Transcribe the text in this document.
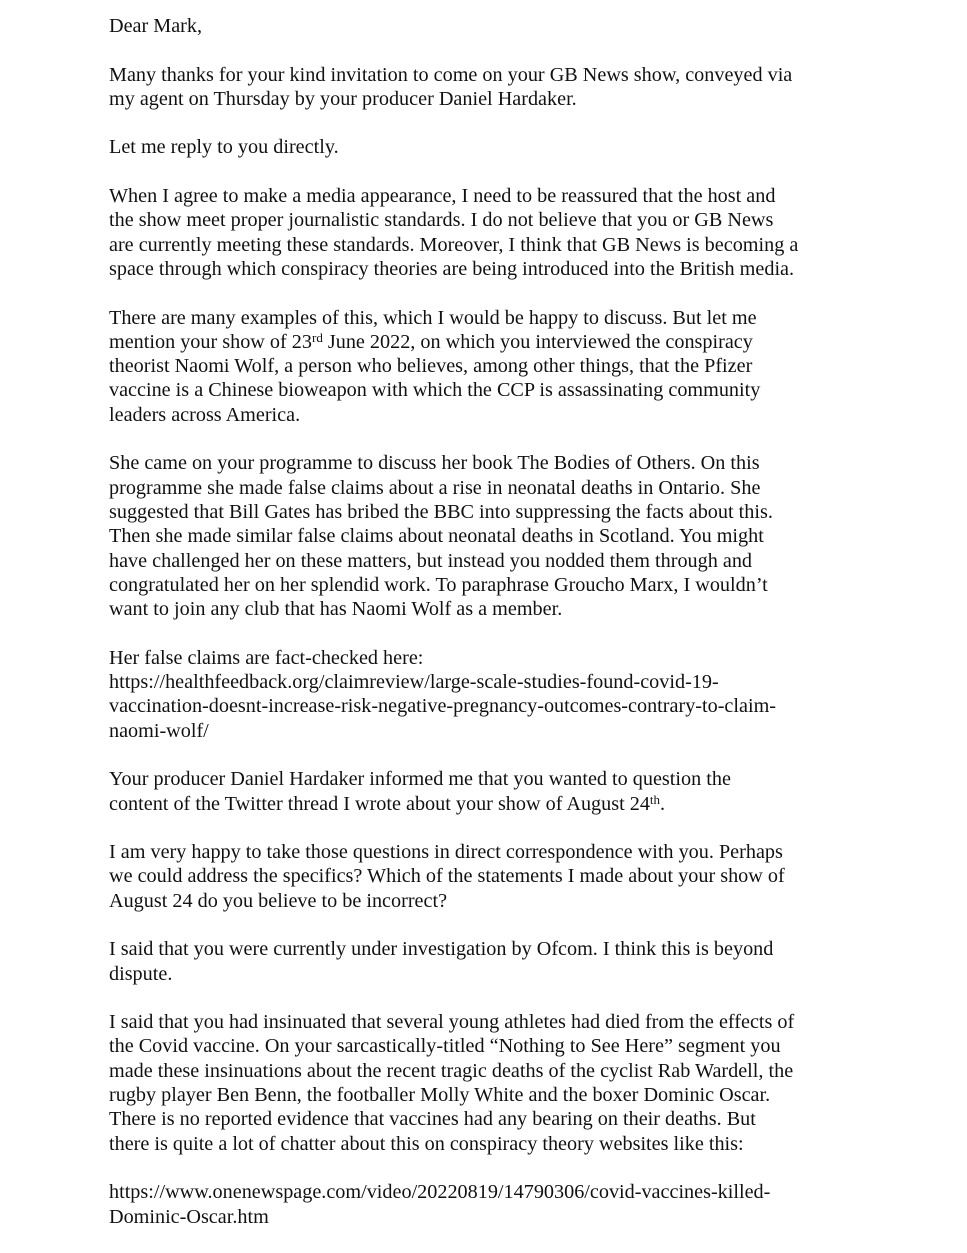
Dear Mark,

Many thanks for your kind invitation to come on your GB News show, conveyed via
my agent on Thursday by your producer Daniel Hardaker.

Let me reply to you directly.

When I agree to make a media appearance, I need to be reassured that the host and
the show meet proper journalistic standards. I do not believe that you or GB News
are currently meeting these standards. Moreover, I think that GB News is becoming a
space through which conspiracy theories are being introduced into the British media.

There are many examples of this, which I would be happy to discuss. But let me
mention your show of 23rd June 2022, on which you interviewed the conspiracy
theorist Naomi Wolf, a person who believes, among other things, that the Pfizer
vaccine is a Chinese bioweapon with which the CCP is assassinating community
leaders across America.

She came on your programme to discuss her book The Bodies of Others. On this
programme she made false claims about a rise in neonatal deaths in Ontario. She
suggested that Bill Gates has bribed the BBC into suppressing the facts about this.
Then she made similar false claims about neonatal deaths in Scotland. You might
have challenged her on these matters, but instead you nodded them through and
congratulated her on her splendid work. To paraphrase Groucho Marx, I wouldn’t
want to join any club that has Naomi Wolf as a member.

Her false claims are fact-checked here:
https://healthfeedback.org/claimreview/large-scale-studies-found-covid-19-
vaccination-doesnt-increase-risk-negative-pregnancy-outcomes-contrary-to-claim-
naomi-wolf/

Your producer Daniel Hardaker informed me that you wanted to question the
content of the Twitter thread I wrote about your show of August 24th.

I am very happy to take those questions in direct correspondence with you. Perhaps
we could address the specifics? Which of the statements I made about your show of
August 24 do you believe to be incorrect?

I said that you were currently under investigation by Ofcom. I think this is beyond
dispute.

I said that you had insinuated that several young athletes had died from the effects of
the Covid vaccine. On your sarcastically-titled “Nothing to See Here” segment you
made these insinuations about the recent tragic deaths of the cyclist Rab Wardell, the
rugby player Ben Benn, the footballer Molly White and the boxer Dominic Oscar.
There is no reported evidence that vaccines had any bearing on their deaths. But
there is quite a lot of chatter about this on conspiracy theory websites like this:

https://www.onenewspage.com/video/20220819/14790306/covid-vaccines-killed-
Dominic-Oscar.htm
